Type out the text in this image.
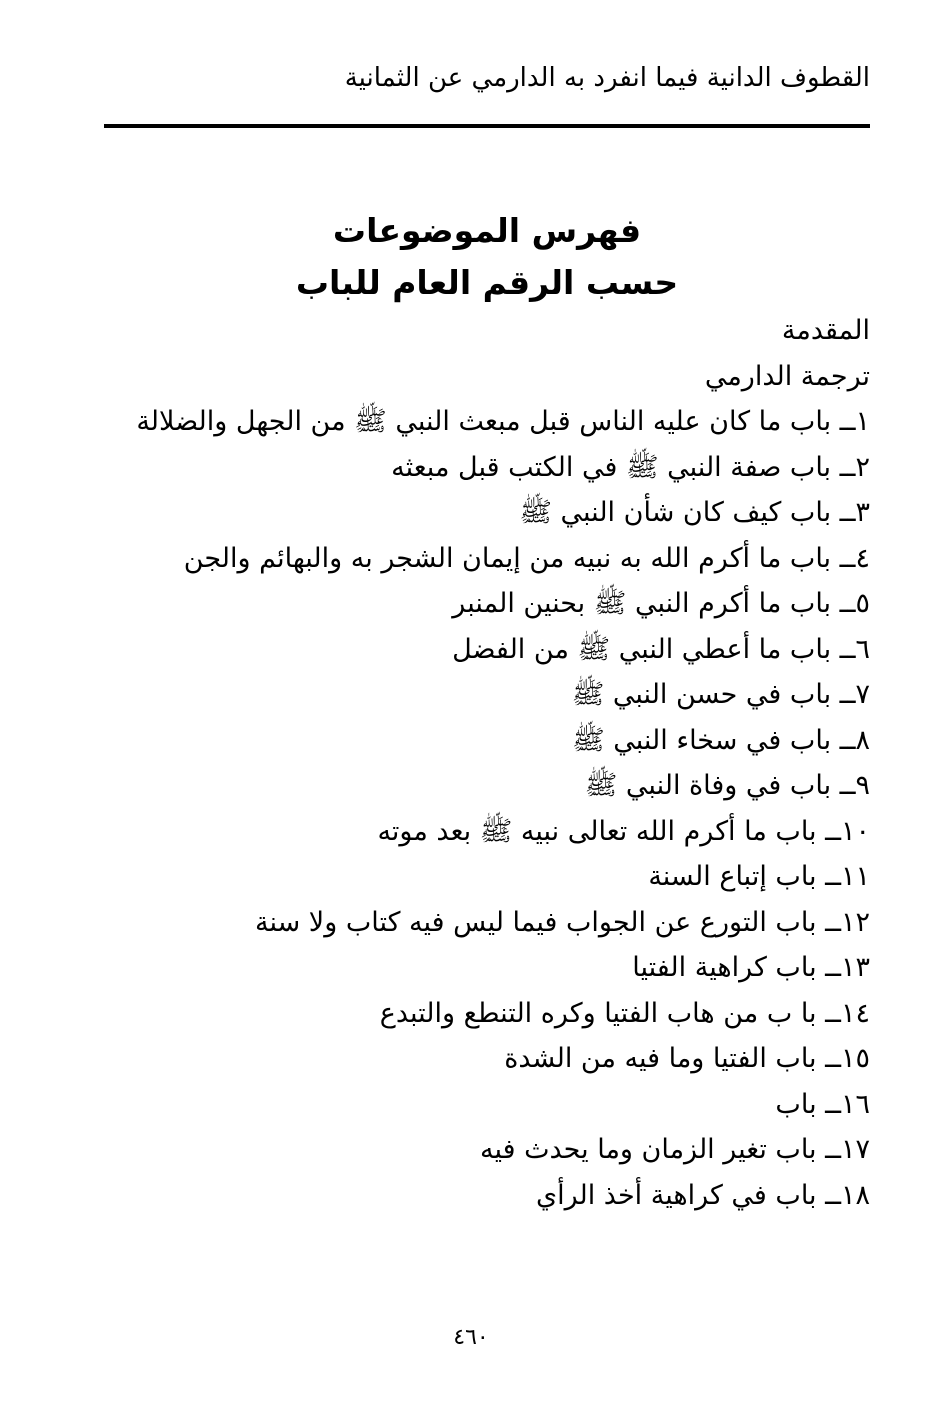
القطوف الدانية فيما انفرد به الدارمي عن الثمانية
فهرس الموضوعات
حسب الرقم العام للباب
المقدمة
ترجمة الدارمي
١ــ باب ما كان عليه الناس قبل مبعث النبي ﷺ من الجهل والضلالة
٢ــ باب صفة النبي ﷺ في الكتب قبل مبعثه
٣ــ باب كيف كان شأن النبي ﷺ
٤ــ باب ما أكرم الله به نبيه من إيمان الشجر به والبهائم والجن
٥ــ باب ما أكرم النبي ﷺ بحنين المنبر
٦ــ باب ما أعطي النبي ﷺ من الفضل
٧ــ باب في حسن النبي ﷺ
٨ــ باب في سخاء النبي ﷺ
٩ــ باب في وفاة النبي ﷺ
١٠ــ باب ما أكرم الله تعالى نبيه ﷺ بعد موته
١١ــ باب إتباع السنة
١٢ــ باب التورع عن الجواب فيما ليس فيه كتاب ولا سنة
١٣ــ باب كراهية الفتيا
١٤ــ با ب من هاب الفتيا وكره التنطع والتبدع
١٥ــ باب الفتيا وما فيه من الشدة
١٦ــ باب
١٧ــ باب تغير الزمان وما يحدث فيه
١٨ــ باب في كراهية أخذ الرأي
٤٦٠
